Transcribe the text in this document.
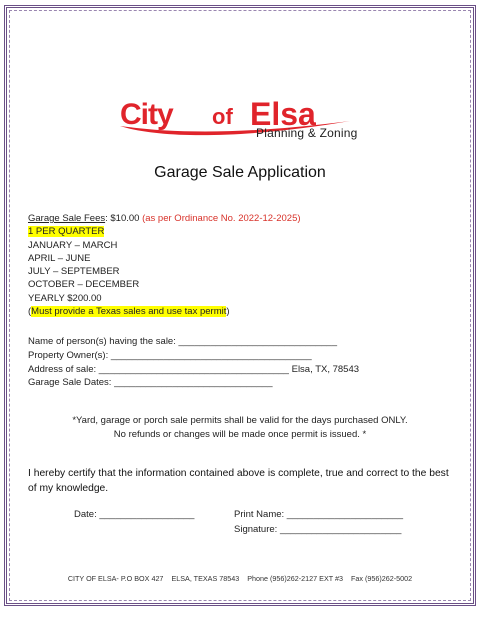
City of Elsa
Planning & Zoning
Garage Sale Application
Garage Sale Fees: $10.00 (as per Ordinance No. 2022-12-2025)
1 PER QUARTER
JANUARY – MARCH
APRIL – JUNE
JULY – SEPTEMBER
OCTOBER – DECEMBER
YEARLY $200.00
(Must provide a Texas sales and use tax permit)
Name of person(s) having the sale: ______________________________
Property Owner(s): ______________________________________
Address of sale: ____________________________________ Elsa, TX, 78543
Garage Sale Dates: ______________________________
*Yard, garage or porch sale permits shall be valid for the days purchased ONLY.
No refunds or changes will be made once permit is issued. *
I hereby certify that the information contained above is complete, true and correct to the best of my knowledge.
Date: __________________	Print Name: ______________________
Signature: _______________________
CITY OF ELSA- P.O BOX 427 ELSA, TEXAS 78543 Phone (956)262-2127 EXT #3 Fax (956)262-5002
